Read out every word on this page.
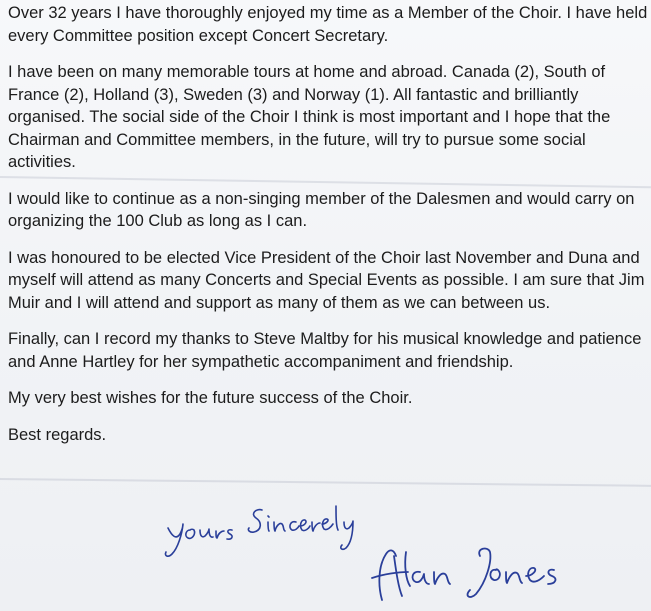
Over 32 years I have thoroughly enjoyed my time as a Member of the Choir. I have held every Committee position except Concert Secretary.

I have been on many memorable tours at home and abroad. Canada (2), South of France (2), Holland (3), Sweden (3) and Norway (1). All fantastic and brilliantly organised. The social side of the Choir I think is most important and I hope that the Chairman and Committee members, in the future, will try to pursue some social activities.

I would like to continue as a non-singing member of the Dalesmen and would carry on organizing the 100 Club as long as I can.

I was honoured to be elected Vice President of the Choir last November and Duna and myself will attend as many Concerts and Special Events as possible. I am sure that Jim Muir and I will attend and support as many of them as we can between us.

Finally, can I record my thanks to Steve Maltby for his musical knowledge and patience and Anne Hartley for her sympathetic accompaniment and friendship.

My very best wishes for the future success of the Choir.

Best regards.
